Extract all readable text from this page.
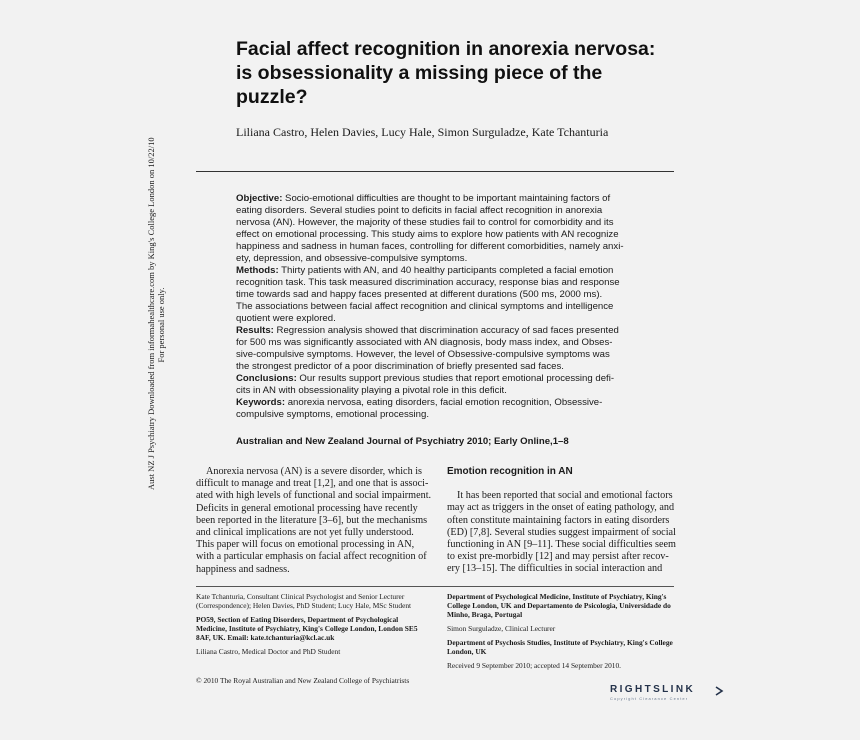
Facial affect recognition in anorexia nervosa:
is obsessionality a missing piece of the
puzzle?
Liliana Castro, Helen Davies, Lucy Hale, Simon Surguladze, Kate Tchanturia
Aust NZ J Psychiatry Downloaded from informahealthcare.com by King's College London on 10/22/10 For personal use only.
Objective: Socio-emotional difficulties are thought to be important maintaining factors of
eating disorders. Several studies point to deficits in facial affect recognition in anorexia
nervosa (AN). However, the majority of these studies fail to control for comorbidity and its
effect on emotional processing. This study aims to explore how patients with AN recognize
happiness and sadness in human faces, controlling for different comorbidities, namely anxi-
ety, depression, and obsessive-compulsive symptoms.
Methods: Thirty patients with AN, and 40 healthy participants completed a facial emotion
recognition task. This task measured discrimination accuracy, response bias and response
time towards sad and happy faces presented at different durations (500 ms, 2000 ms).
The associations between facial affect recognition and clinical symptoms and intelligence
quotient were explored.
Results: Regression analysis showed that discrimination accuracy of sad faces presented
for 500 ms was significantly associated with AN diagnosis, body mass index, and Obses-
sive-compulsive symptoms. However, the level of Obsessive-compulsive symptoms was
the strongest predictor of a poor discrimination of briefly presented sad faces.
Conclusions: Our results support previous studies that report emotional processing defi-
cits in AN with obsessionality playing a pivotal role in this deficit.
Keywords: anorexia nervosa, eating disorders, facial emotion recognition, Obsessive-
compulsive symptoms, emotional processing.
Australian and New Zealand Journal of Psychiatry 2010; Early Online,1–8
Anorexia nervosa (AN) is a severe disorder, which is
difficult to manage and treat [1,2], and one that is associ-
ated with high levels of functional and social impairment.
Deficits in general emotional processing have recently
been reported in the literature [3–6], but the mechanisms
and clinical implications are not yet fully understood.
This paper will focus on emotional processing in AN,
with a particular emphasis on facial affect recognition of
happiness and sadness.
Emotion recognition in AN
It has been reported that social and emotional factors
may act as triggers in the onset of eating pathology, and
often constitute maintaining factors in eating disorders
(ED) [7,8]. Several studies suggest impairment of social
functioning in AN [9–11]. These social difficulties seem
to exist pre-morbidly [12] and may persist after recov-
ery [13–15]. The difficulties in social interaction and

Kate Tchanturia, Consultant Clinical Psychologist and Senior Lecturer (Correspondence); Helen Davies, PhD Student; Lucy Hale, MSc Student

PO59, Section of Eating Disorders, Department of Psychological Medicine, Institute of Psychiatry, King's College London, London SE5 8AF, UK. Email: kate.tchanturia@kcl.ac.uk

Liliana Castro, Medical Doctor and PhD Student

Department of Psychological Medicine, Institute of Psychiatry, King's College London, UK and Departamento de Psicologia, Universidade do Minho, Braga, Portugal

Simon Surguladze, Clinical Lecturer

Department of Psychosis Studies, Institute of Psychiatry, King's College London, UK

Received 9 September 2010; accepted 14 September 2010.

© 2010 The Royal Australian and New Zealand College of Psychiatrists
RIGHTSLINK
Copyright Clearance Center
